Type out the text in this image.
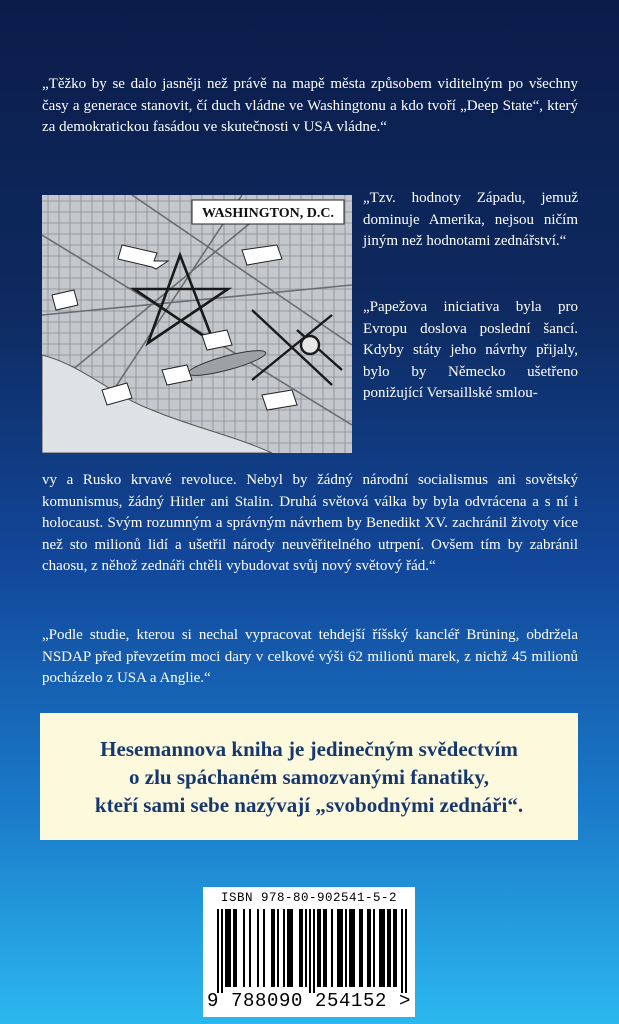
„Těžko by se dalo jasněji než právě na mapě města způsobem viditelným po všechny časy a generace stanovit, čí duch vládne ve Washingtonu a kdo tvoří „Deep State“, který za demokratickou fasádou ve skutečnosti v USA vládne.“
WASHINGTON, D.C.
„Tzv. hodnoty Západu, jemuž dominuje Amerika, nejsou ničím jiným než hodnotami zednářství.“
„Papežova iniciativa byla pro Evropu doslova poslední šancí. Kdyby státy jeho návrhy přijaly, bylo by Německo ušetřeno ponižující Versaillské smlou-
vy a Rusko krvavé revoluce. Nebyl by žádný národní socialismus ani sovětský komunismus, žádný Hitler ani Stalin. Druhá světová válka by byla odvrácena a s ní i holocaust. Svým rozumným a správným návrhem by Benedikt XV. zachránil životy více než sto milionů lidí a ušetřil národy neuvěřitelného utrpení. Ovšem tím by zabránil chaosu, z něhož zednáři chtěli vybudovat svůj nový světový řád.“
„Podle studie, kterou si nechal vypracovat tehdejší říšský kancléř Brüning, obdržela NSDAP před převzetím moci dary v celkové výši 62 milionů marek, z nichž 45 milionů pocházelo z USA a Anglie.“
Hesemannova kniha je jedinečným svědectvím
o zlu spáchaném samozvanými fanatiky,
kteří sami sebe nazývají „svobodnými zednáři“.
ISBN 978-80-902541-5-2
9 788090 254152 >
